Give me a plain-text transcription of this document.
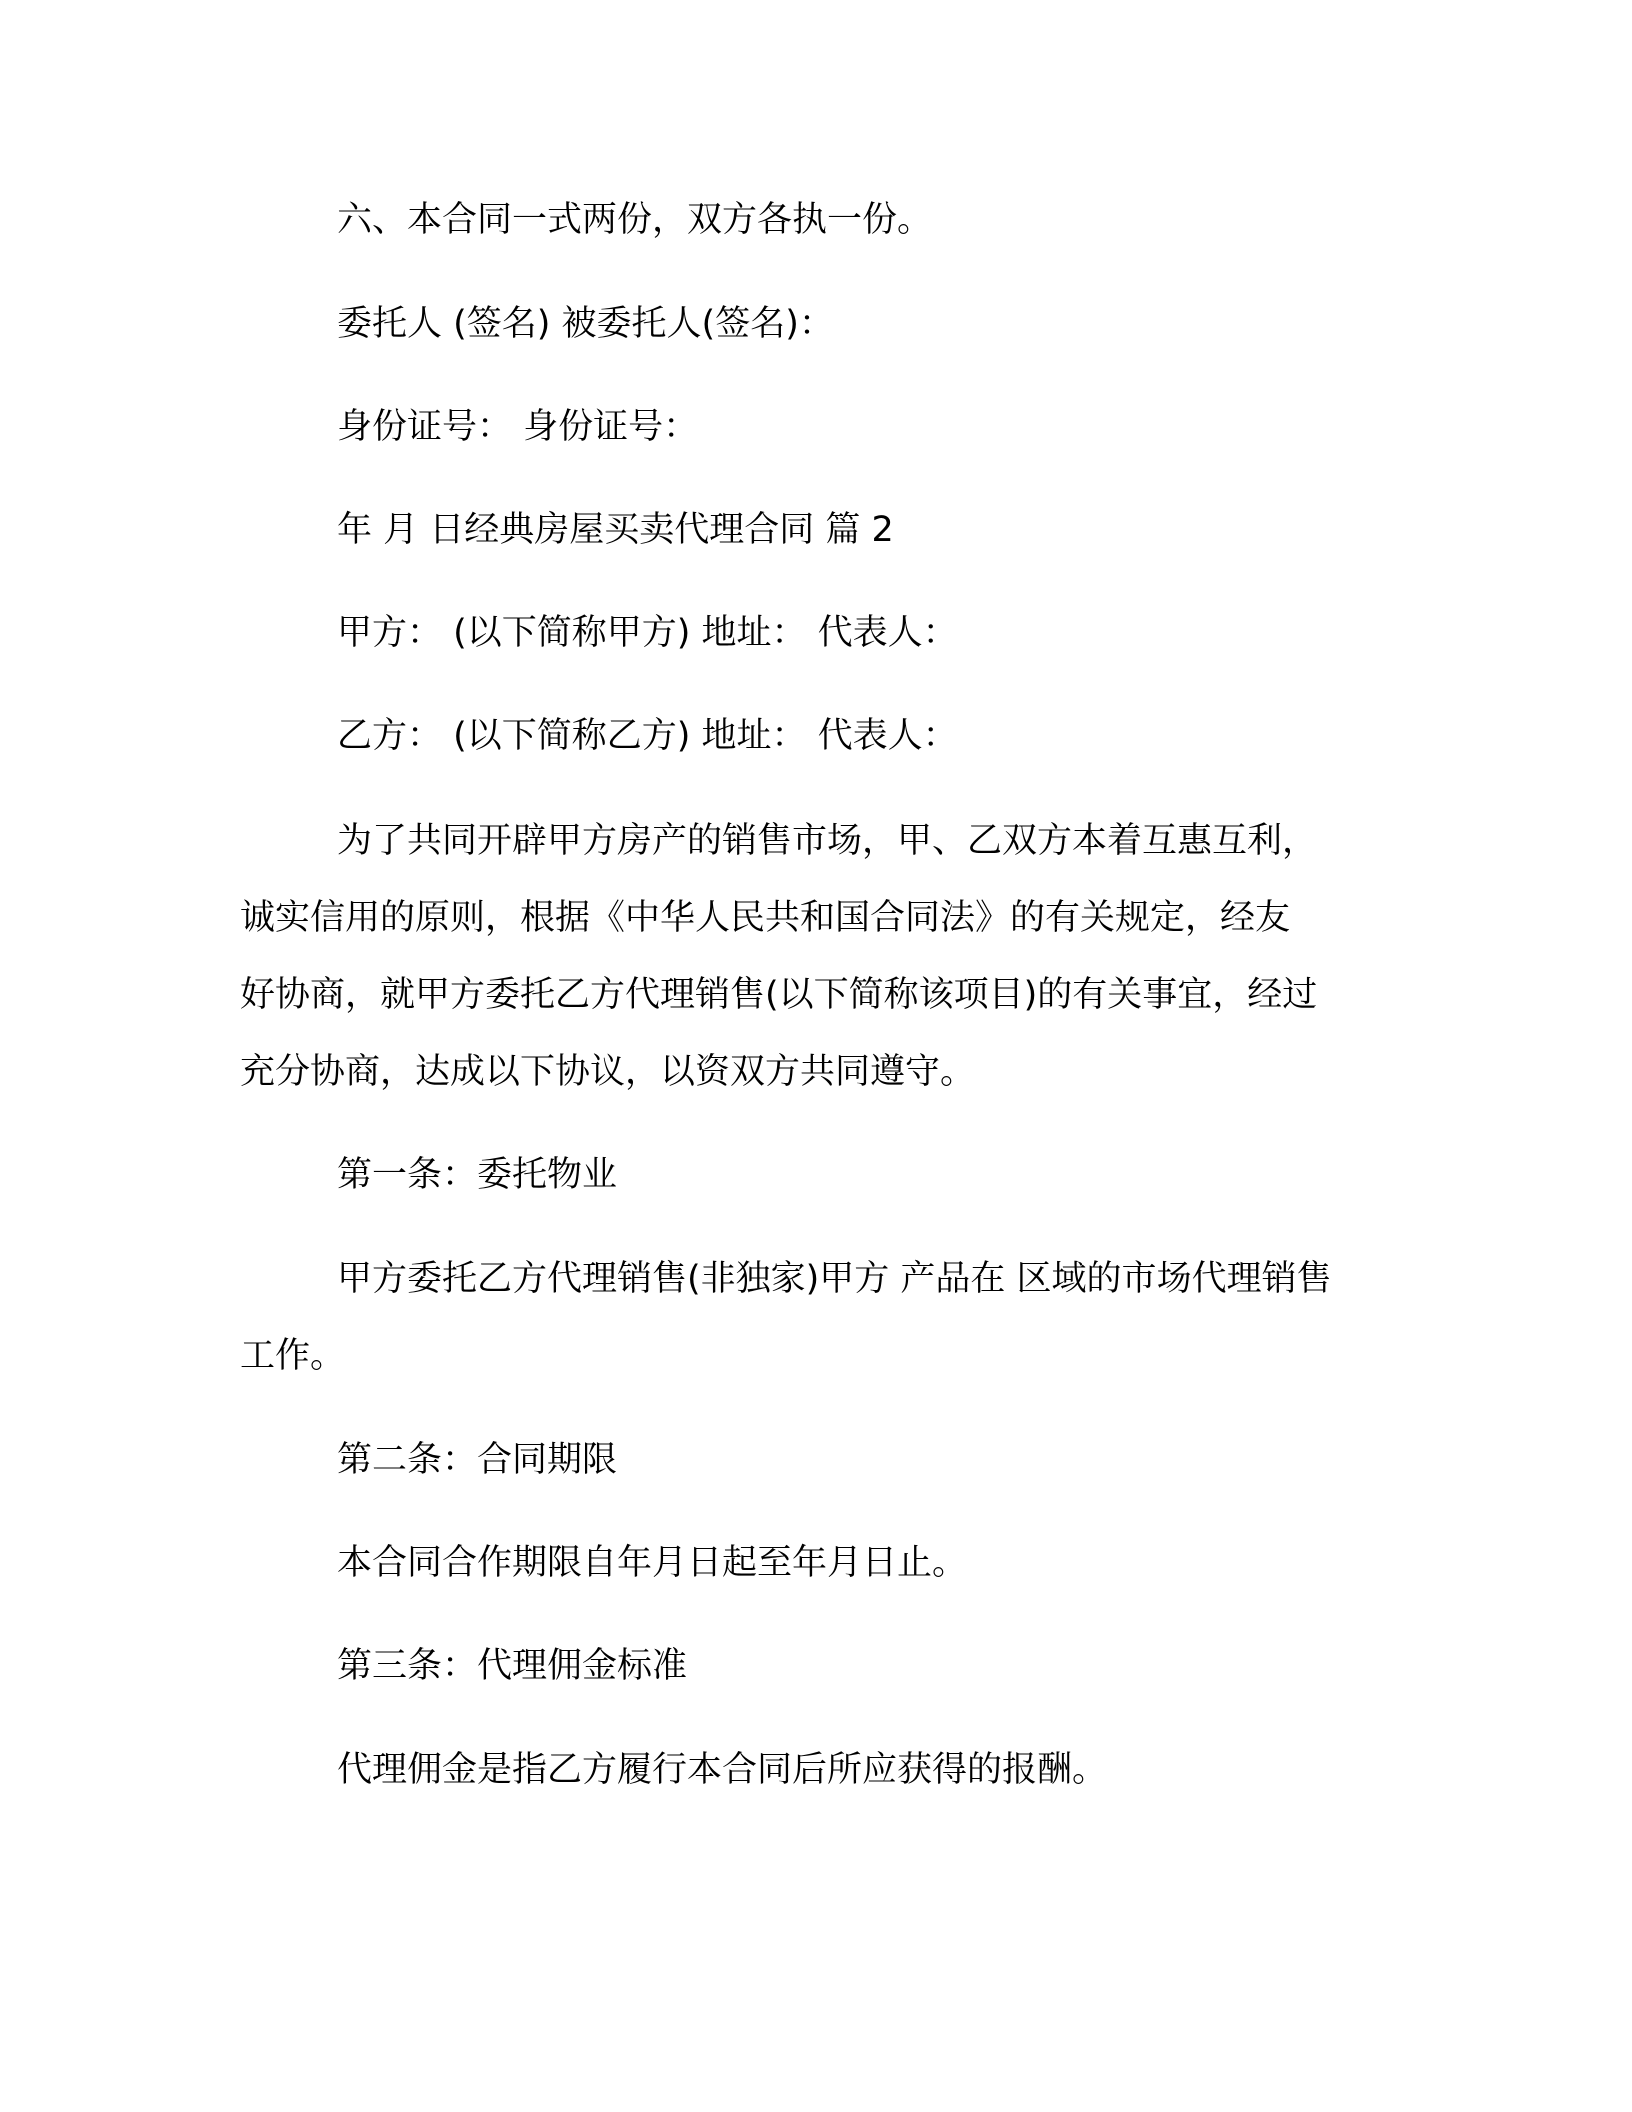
六、本合同一式两份，双方各执一份。
委托人 (签名) 被委托人(签名)：
身份证号： 身份证号：
年 月 日经典房屋买卖代理合同 篇 2
甲方： (以下简称甲方) 地址： 代表人：
乙方： (以下简称乙方) 地址： 代表人：
为了共同开辟甲方房产的销售市场，甲、乙双方本着互惠互利，
诚实信用的原则，根据《中华人民共和国合同法》的有关规定，经友
好协商，就甲方委托乙方代理销售(以下简称该项目)的有关事宜，经过
充分协商，达成以下协议，以资双方共同遵守。
第一条：委托物业
甲方委托乙方代理销售(非独家)甲方 产品在 区域的市场代理销售
工作。
第二条：合同期限
本合同合作期限自年月日起至年月日止。
第三条：代理佣金标准
代理佣金是指乙方履行本合同后所应获得的报酬。
